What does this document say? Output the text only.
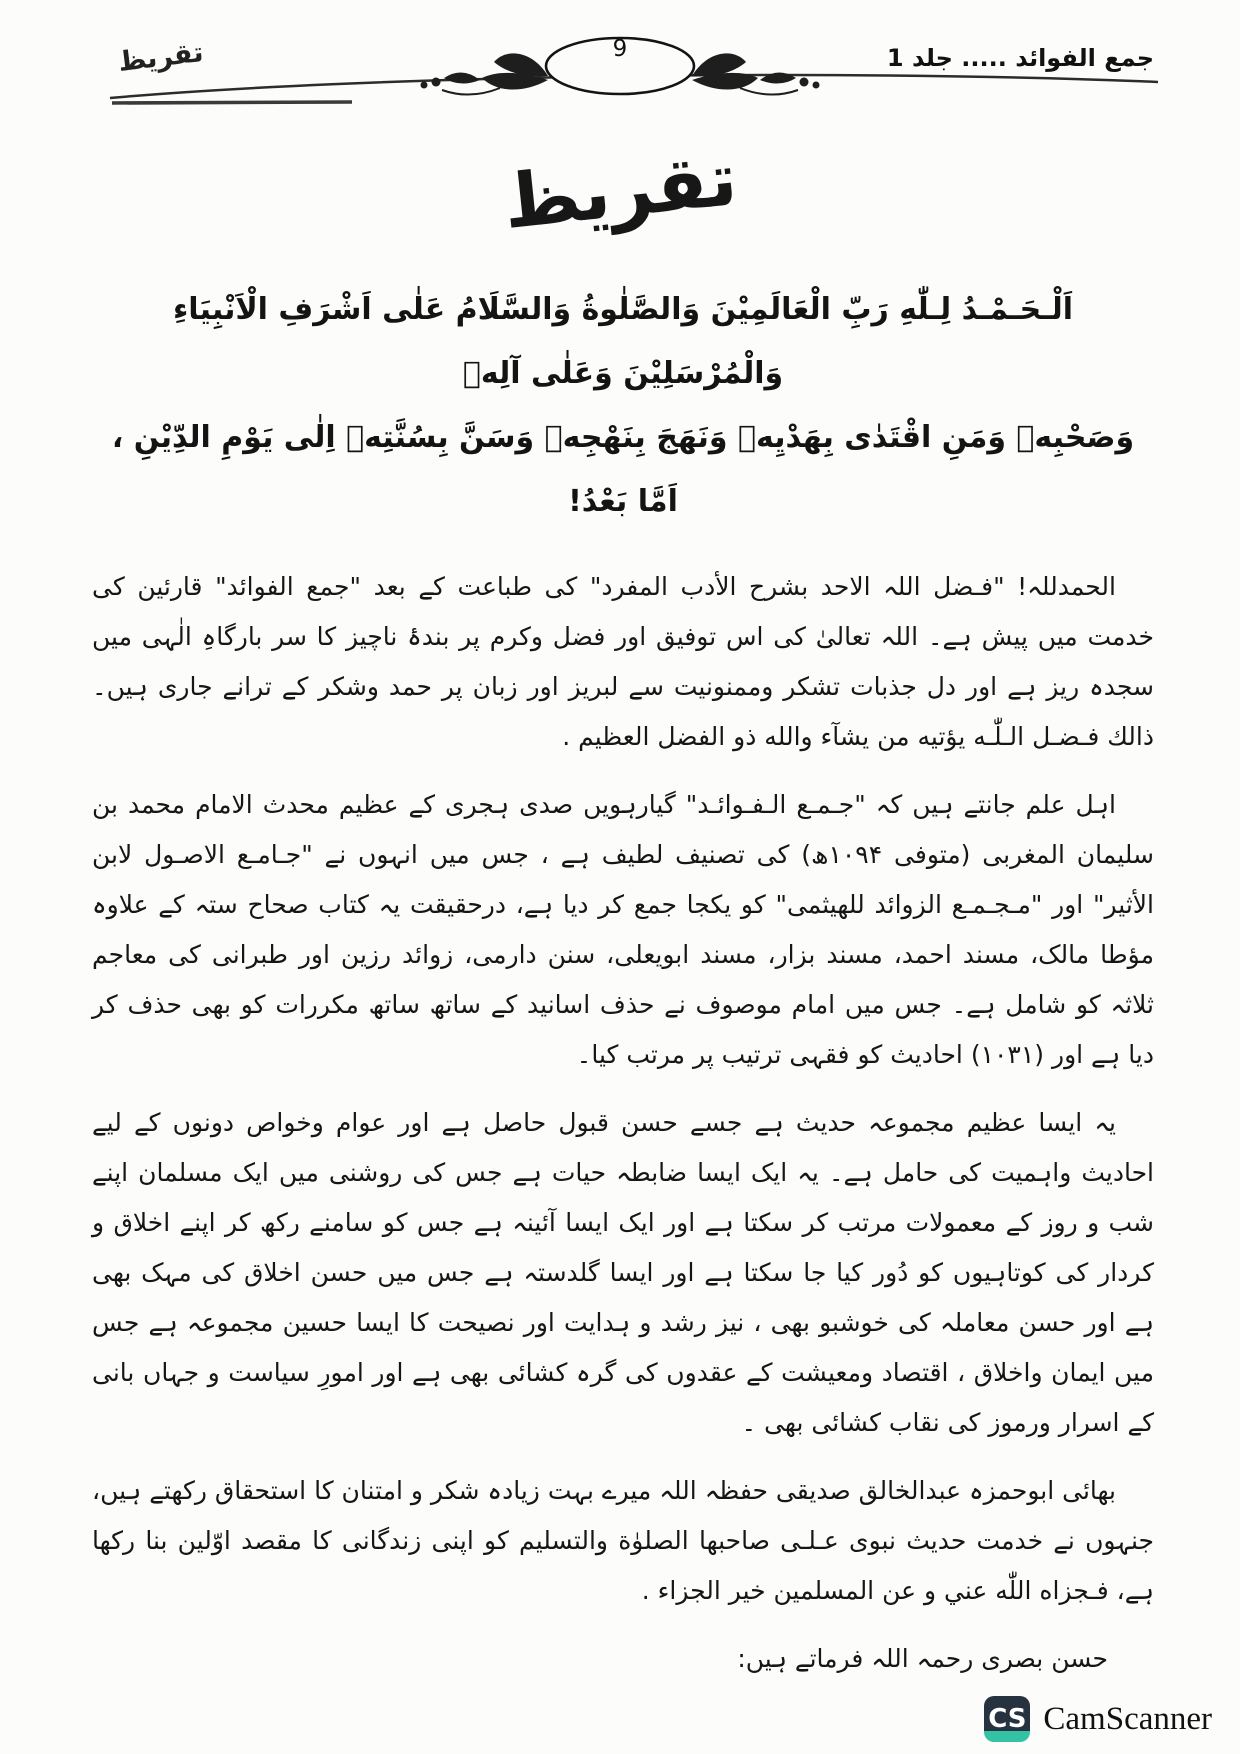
جمع الفوائد ..... جلد 1
تقریظ	9
تقریظ
اَلْـحَـمْـدُ لِـلّٰهِ رَبِّ الْعَالَمِيْنَ وَالصَّلٰوةُ وَالسَّلَامُ عَلٰى اَشْرَفِ الْاَنْبِيَاءِ وَالْمُرْسَلِيْنَ وَعَلٰى آلِهٖ
وَصَحْبِهٖ وَمَنِ اقْتَدٰى بِهَدْيِهٖ وَنَهَجَ بِنَهْجِهٖ وَسَنَّ بِسُنَّتِهٖ اِلٰى يَوْمِ الدِّيْنِ ، اَمَّا بَعْدُ!

الحمدللہ! "فـضل اللہ الاحد بشرح الأدب المفرد" کی طباعت کے بعد "جمع الفوائد" قارئین کی خدمت میں پیش ہے۔ اللہ تعالیٰ کی اس توفیق اور فضل وکرم پر بندۂ ناچیز کا سر بارگاہِ الٰہی میں سجدہ ریز ہے اور دل جذبات تشکر وممنونیت سے لبریز اور زبان پر حمد وشکر کے ترانے جاری ہیں۔ ذالك فـضـل الـلّٰـه يؤتيه من يشآء والله ذو الفضل العظيم .

اہل علم جانتے ہیں کہ "جـمـع الـفـوائـد" گیارہویں صدی ہجری کے عظیم محدث الامام محمد بن سلیمان المغربی (متوفی ۱۰۹۴ھ) کی تصنیف لطیف ہے ، جس میں انہوں نے "جـامـع الاصـول لابن الأثیر" اور "مـجـمـع الزوائد للهیثمی" کو یکجا جمع کر دیا ہے، درحقیقت یہ کتاب صحاح ستہ کے علاوہ مؤطا مالک، مسند احمد، مسند بزار، مسند ابویعلی، سنن دارمی، زوائد رزین اور طبرانی کی معاجم ثلاثہ کو شامل ہے۔ جس میں امام موصوف نے حذف اسانید کے ساتھ ساتھ مکررات کو بھی حذف کر دیا ہے اور (۱۰۳۱) احادیث کو فقہی ترتیب پر مرتب کیا۔

یہ ایسا عظیم مجموعہ حدیث ہے جسے حسن قبول حاصل ہے اور عوام وخواص دونوں کے لیے احادیث واہمیت کی حامل ہے۔ یہ ایک ایسا ضابطہ حیات ہے جس کی روشنی میں ایک مسلمان اپنے شب و روز کے معمولات مرتب کر سکتا ہے اور ایک ایسا آئینہ ہے جس کو سامنے رکھ کر اپنے اخلاق و کردار کی کوتاہیوں کو دُور کیا جا سکتا ہے اور ایسا گلدستہ ہے جس میں حسن اخلاق کی مہک بھی ہے اور حسن معاملہ کی خوشبو بھی ، نیز رشد و ہدایت اور نصیحت کا ایسا حسین مجموعہ ہے جس میں ایمان واخلاق ، اقتصاد ومعیشت کے عقدوں کی گرہ کشائی بھی ہے اور امورِ سیاست و جہاں بانی کے اسرار ورموز کی نقاب کشائی بھی ۔

بھائی ابوحمزہ عبدالخالق صدیقی حفظہ اللہ میرے بہت زیادہ شکر و امتنان کا استحقاق رکھتے ہیں، جنہوں نے خدمت حدیث نبوی عـلـی صاحبها الصلوٰة والتسلیم کو اپنی زندگانی کا مقصد اوّلین بنا رکھا ہے، فـجزاه اللّٰه عني و عن المسلمين خير الجزاء .

حسن بصری رحمہ اللہ فرماتے ہیں:
CS CamScanner
